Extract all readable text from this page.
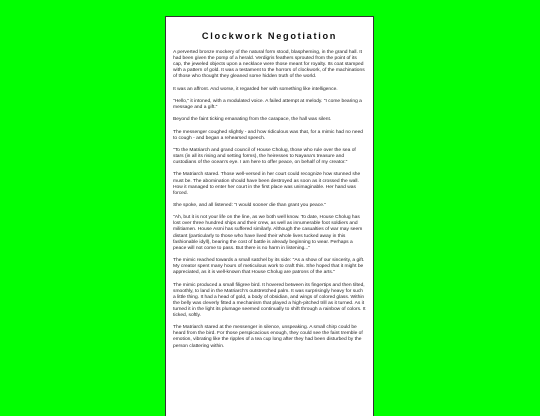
Clockwork Negotiation

A perverted bronze mockery of the natural form stood, blaspheming, in the grand hall. It had been given the pomp of a herald. Verdigris feathers sprouted from the point of its cap, the jeweled objects upon a necklace were those meant for royalty. Its coat stamped with a pattern of gold. It was a testament to the horrors of clockwork, of the machinations of those who thought they gleaned some hidden truth of the world.

It was an affront. And worse, it regarded her with something like intelligence.

"Hello," it intoned, with a modulated voice. A failed attempt at melody. "I come bearing a message and a gift."

Beyond the faint ticking emanating from the carapace, the hall was silent.

The messenger coughed slightly - and how ridiculous was that, for a mimic had no need to cough - and began a rehearsed speech.

"To the Matriarch and grand council of House Cholug, those who rule over the sea of stars (in all its rising and setting forms), the heiresses to Nayana's treasure and custodians of the ocean's eye. I am here to offer peace, on behalf of my creator."

The Matriarch stared. Those well-versed in her court could recognize how stunned she must be. The abomination should have been destroyed as soon as it crossed the wall. How it managed to enter her court in the first place was unimaginable. Her hand was forced.

She spoke, and all listened: "I would sooner die than grant you peace."

"Ah, but it is not your life on the line, as we both well know. To date, House Cholug has lost over three hundred ships and their crew, as well as innumerable foot soldiers and militiamen. House Asmi has suffered similarly. Although the casualties of war may seem distant (particularly to those who have lived their whole lives tucked away in this fashionable idyll), bearing the cost of battle is already beginning to wear. Perhaps a peace will not come to pass. But there is no harm in listening..."

The mimic reached towards a small satchel by its side: "As a show of our sincerity, a gift. My creator spent many hours of meticulous work to craft this. She hoped that it might be appreciated, as it is well-known that House Cholug are patrons of the arts."

The mimic produced a small filigree bird. It hovered between its fingertips and then tilted, smoothly, to land in the Matriarch's outstretched palm. It was surprisingly heavy for such a little thing. It had a head of gold, a body of obsidian, and wings of colored glass. Within the belly was cleverly fitted a mechanism that played a high-pitched trill as it turned. As it turned it in the light its plumage seemed continually to shift through a rainbow of colors. It ticked, softly.

The Matriarch stared at the messenger in silence, unspeaking. A small chirp could be heard from the bird. For those perspicacious enough, they could see the faint tremble of emotion, vibrating like the ripples of a tea cup long after they had been disturbed by the person clattering within.
